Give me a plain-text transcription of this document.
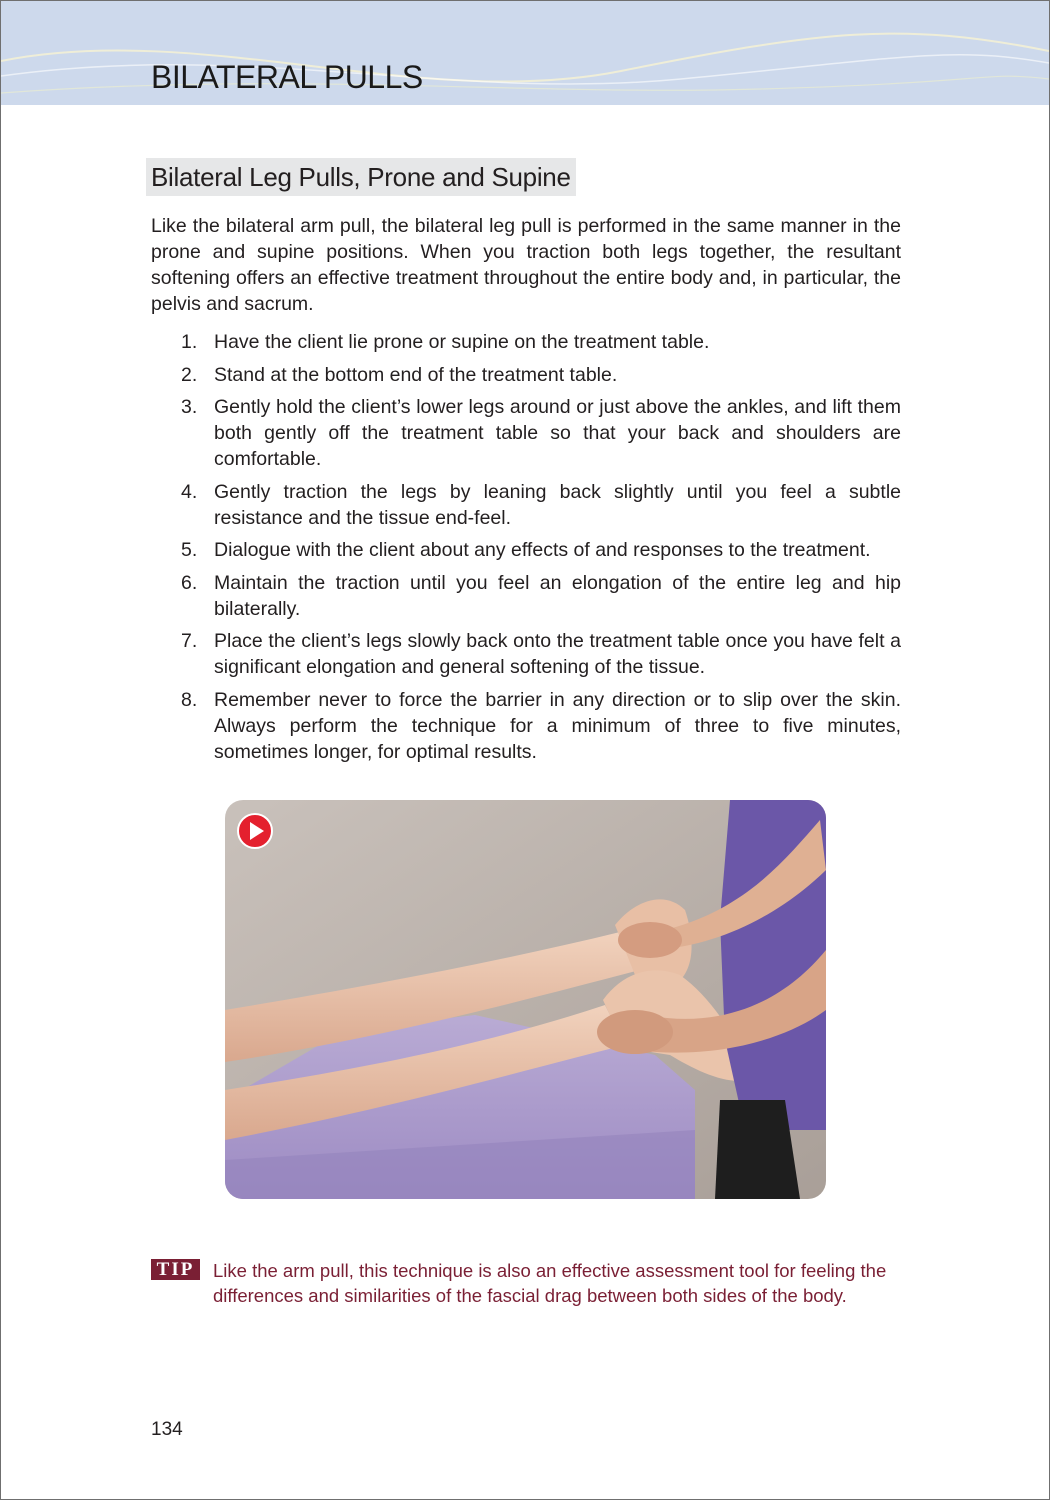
BILATERAL PULLS
Bilateral Leg Pulls, Prone and Supine

Like the bilateral arm pull, the bilateral leg pull is performed in the same manner in the prone and supine positions. When you traction both legs together, the resultant softening offers an effective treatment throughout the entire body and, in particular, the pelvis and sacrum.

1. Have the client lie prone or supine on the treatment table.
2. Stand at the bottom end of the treatment table.
3. Gently hold the client’s lower legs around or just above the ankles, and lift them both gently off the treatment table so that your back and shoulders are comfortable.
4. Gently traction the legs by leaning back slightly until you feel a subtle resistance and the tissue end-feel.
5. Dialogue with the client about any effects of and responses to the treatment.
6. Maintain the traction until you feel an elongation of the entire leg and hip bilaterally.
7. Place the client’s legs slowly back onto the treatment table once you have felt a significant elongation and general softening of the tissue.
8. Remember never to force the barrier in any direction or to slip over the skin. Always perform the technique for a minimum of three to five minutes, sometimes longer, for optimal results.
TIP	Like the arm pull, this technique is also an effective assessment tool for feeling the differences and similarities of the fascial drag between both sides of the body.

134
